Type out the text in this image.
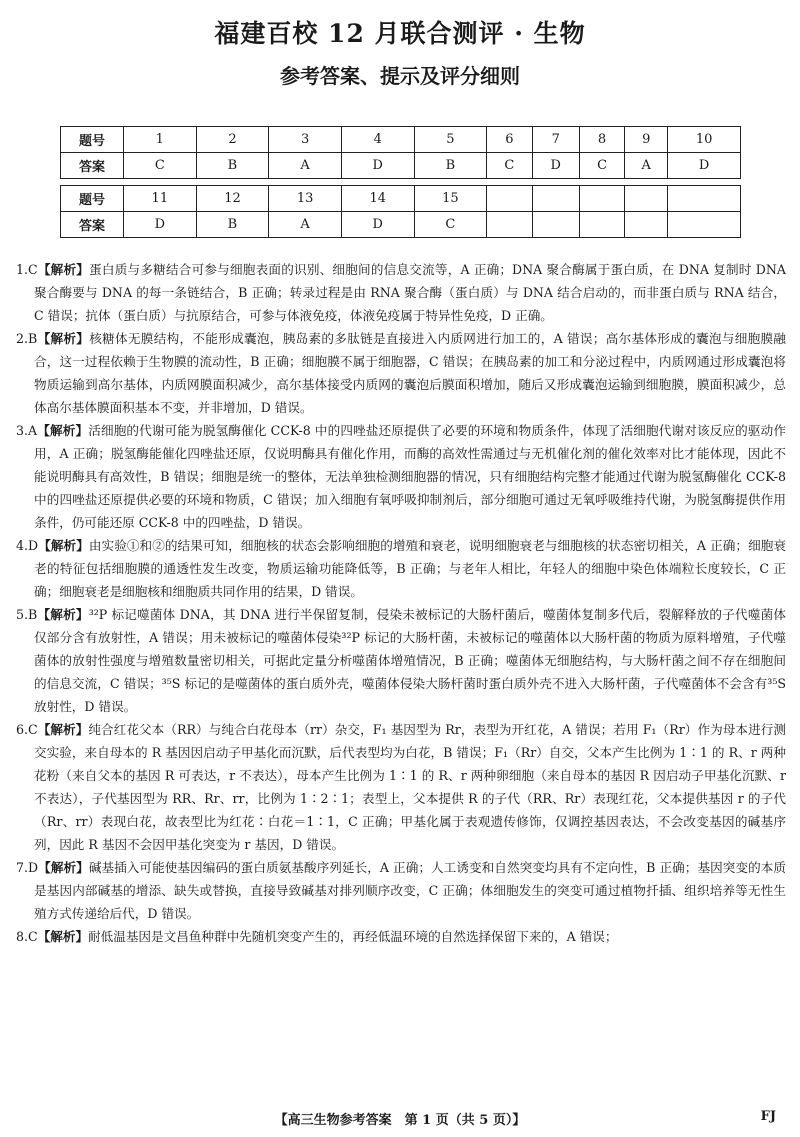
福建百校 12 月联合测评 · 生物
参考答案、提示及评分细则
题号	1	2	3	4	5	6	7	8	9	10
答案	C	B	A	D	B	C	D	C	A	D

题号	11	12	13	14	15					
答案	D	B	A	D	C					

1.C【解析】蛋白质与多糖结合可参与细胞表面的识别、细胞间的信息交流等，A 正确；DNA 聚合酶属于蛋白质，在 DNA 复制时 DNA 聚合酶要与 DNA 的每一条链结合，B 正确；转录过程是由 RNA 聚合酶（蛋白质）与 DNA 结合启动的，而非蛋白质与 RNA 结合，C 错误；抗体（蛋白质）与抗原结合，可参与体液免疫，体液免疫属于特异性免疫，D 正确。

2.B【解析】核糖体无膜结构，不能形成囊泡，胰岛素的多肽链是直接进入内质网进行加工的，A 错误；高尔基体形成的囊泡与细胞膜融合，这一过程依赖于生物膜的流动性，B 正确；细胞膜不属于细胞器，C 错误；在胰岛素的加工和分泌过程中，内质网通过形成囊泡将物质运输到高尔基体，内质网膜面积减少，高尔基体接受内质网的囊泡后膜面积增加，随后又形成囊泡运输到细胞膜，膜面积减少，总体高尔基体膜面积基本不变，并非增加，D 错误。

3.A【解析】活细胞的代谢可能为脱氢酶催化 CCK-8 中的四唑盐还原提供了必要的环境和物质条件，体现了活细胞代谢对该反应的驱动作用，A 正确；脱氢酶能催化四唑盐还原，仅说明酶具有催化作用，而酶的高效性需通过与无机催化剂的催化效率对比才能体现，因此不能说明酶具有高效性，B 错误；细胞是统一的整体，无法单独检测细胞器的情况，只有细胞结构完整才能通过代谢为脱氢酶催化 CCK-8 中的四唑盐还原提供必要的环境和物质，C 错误；加入细胞有氧呼吸抑制剂后，部分细胞可通过无氧呼吸维持代谢，为脱氢酶提供作用条件，仍可能还原 CCK-8 中的四唑盐，D 错误。

4.D【解析】由实验①和②的结果可知，细胞核的状态会影响细胞的增殖和衰老，说明细胞衰老与细胞核的状态密切相关，A 正确；细胞衰老的特征包括细胞膜的通透性发生改变，物质运输功能降低等，B 正确；与老年人相比，年轻人的细胞中染色体端粒长度较长，C 正确；细胞衰老是细胞核和细胞质共同作用的结果，D 错误。

5.B【解析】³²P 标记噬菌体 DNA，其 DNA 进行半保留复制，侵染未被标记的大肠杆菌后，噬菌体复制多代后，裂解释放的子代噬菌体仅部分含有放射性，A 错误；用未被标记的噬菌体侵染³²P 标记的大肠杆菌，未被标记的噬菌体以大肠杆菌的物质为原料增殖，子代噬菌体的放射性强度与增殖数量密切相关，可据此定量分析噬菌体增殖情况，B 正确；噬菌体无细胞结构，与大肠杆菌之间不存在细胞间的信息交流，C 错误；³⁵S 标记的是噬菌体的蛋白质外壳，噬菌体侵染大肠杆菌时蛋白质外壳不进入大肠杆菌，子代噬菌体不会含有³⁵S 放射性，D 错误。

6.C【解析】纯合红花父本（RR）与纯合白花母本（rr）杂交，F₁ 基因型为 Rr，表型为开红花，A 错误；若用 F₁（Rr）作为母本进行测交实验，来自母本的 R 基因因启动子甲基化而沉默，后代表型均为白花，B 错误；F₁（Rr）自交，父本产生比例为 1∶1 的 R、r 两种花粉（来自父本的基因 R 可表达，r 不表达），母本产生比例为 1∶1 的 R、r 两种卵细胞（来自母本的基因 R 因启动子甲基化沉默、r 不表达），子代基因型为 RR、Rr、rr，比例为 1∶2∶1；表型上，父本提供 R 的子代（RR、Rr）表现红花，父本提供基因 r 的子代（Rr、rr）表现白花，故表型比为红花∶白花＝1∶1，C 正确；甲基化属于表观遗传修饰，仅调控基因表达，不会改变基因的碱基序列，因此 R 基因不会因甲基化突变为 r 基因，D 错误。

7.D【解析】碱基插入可能使基因编码的蛋白质氨基酸序列延长，A 正确；人工诱变和自然突变均具有不定向性，B 正确；基因突变的本质是基因内部碱基的增添、缺失或替换，直接导致碱基对排列顺序改变，C 正确；体细胞发生的突变可通过植物扦插、组织培养等无性生殖方式传递给后代，D 错误。

8.C【解析】耐低温基因是文昌鱼种群中先随机突变产生的，再经低温环境的自然选择保留下来的，A 错误；

【高三生物参考答案　第 1 页（共 5 页）】	FJ
